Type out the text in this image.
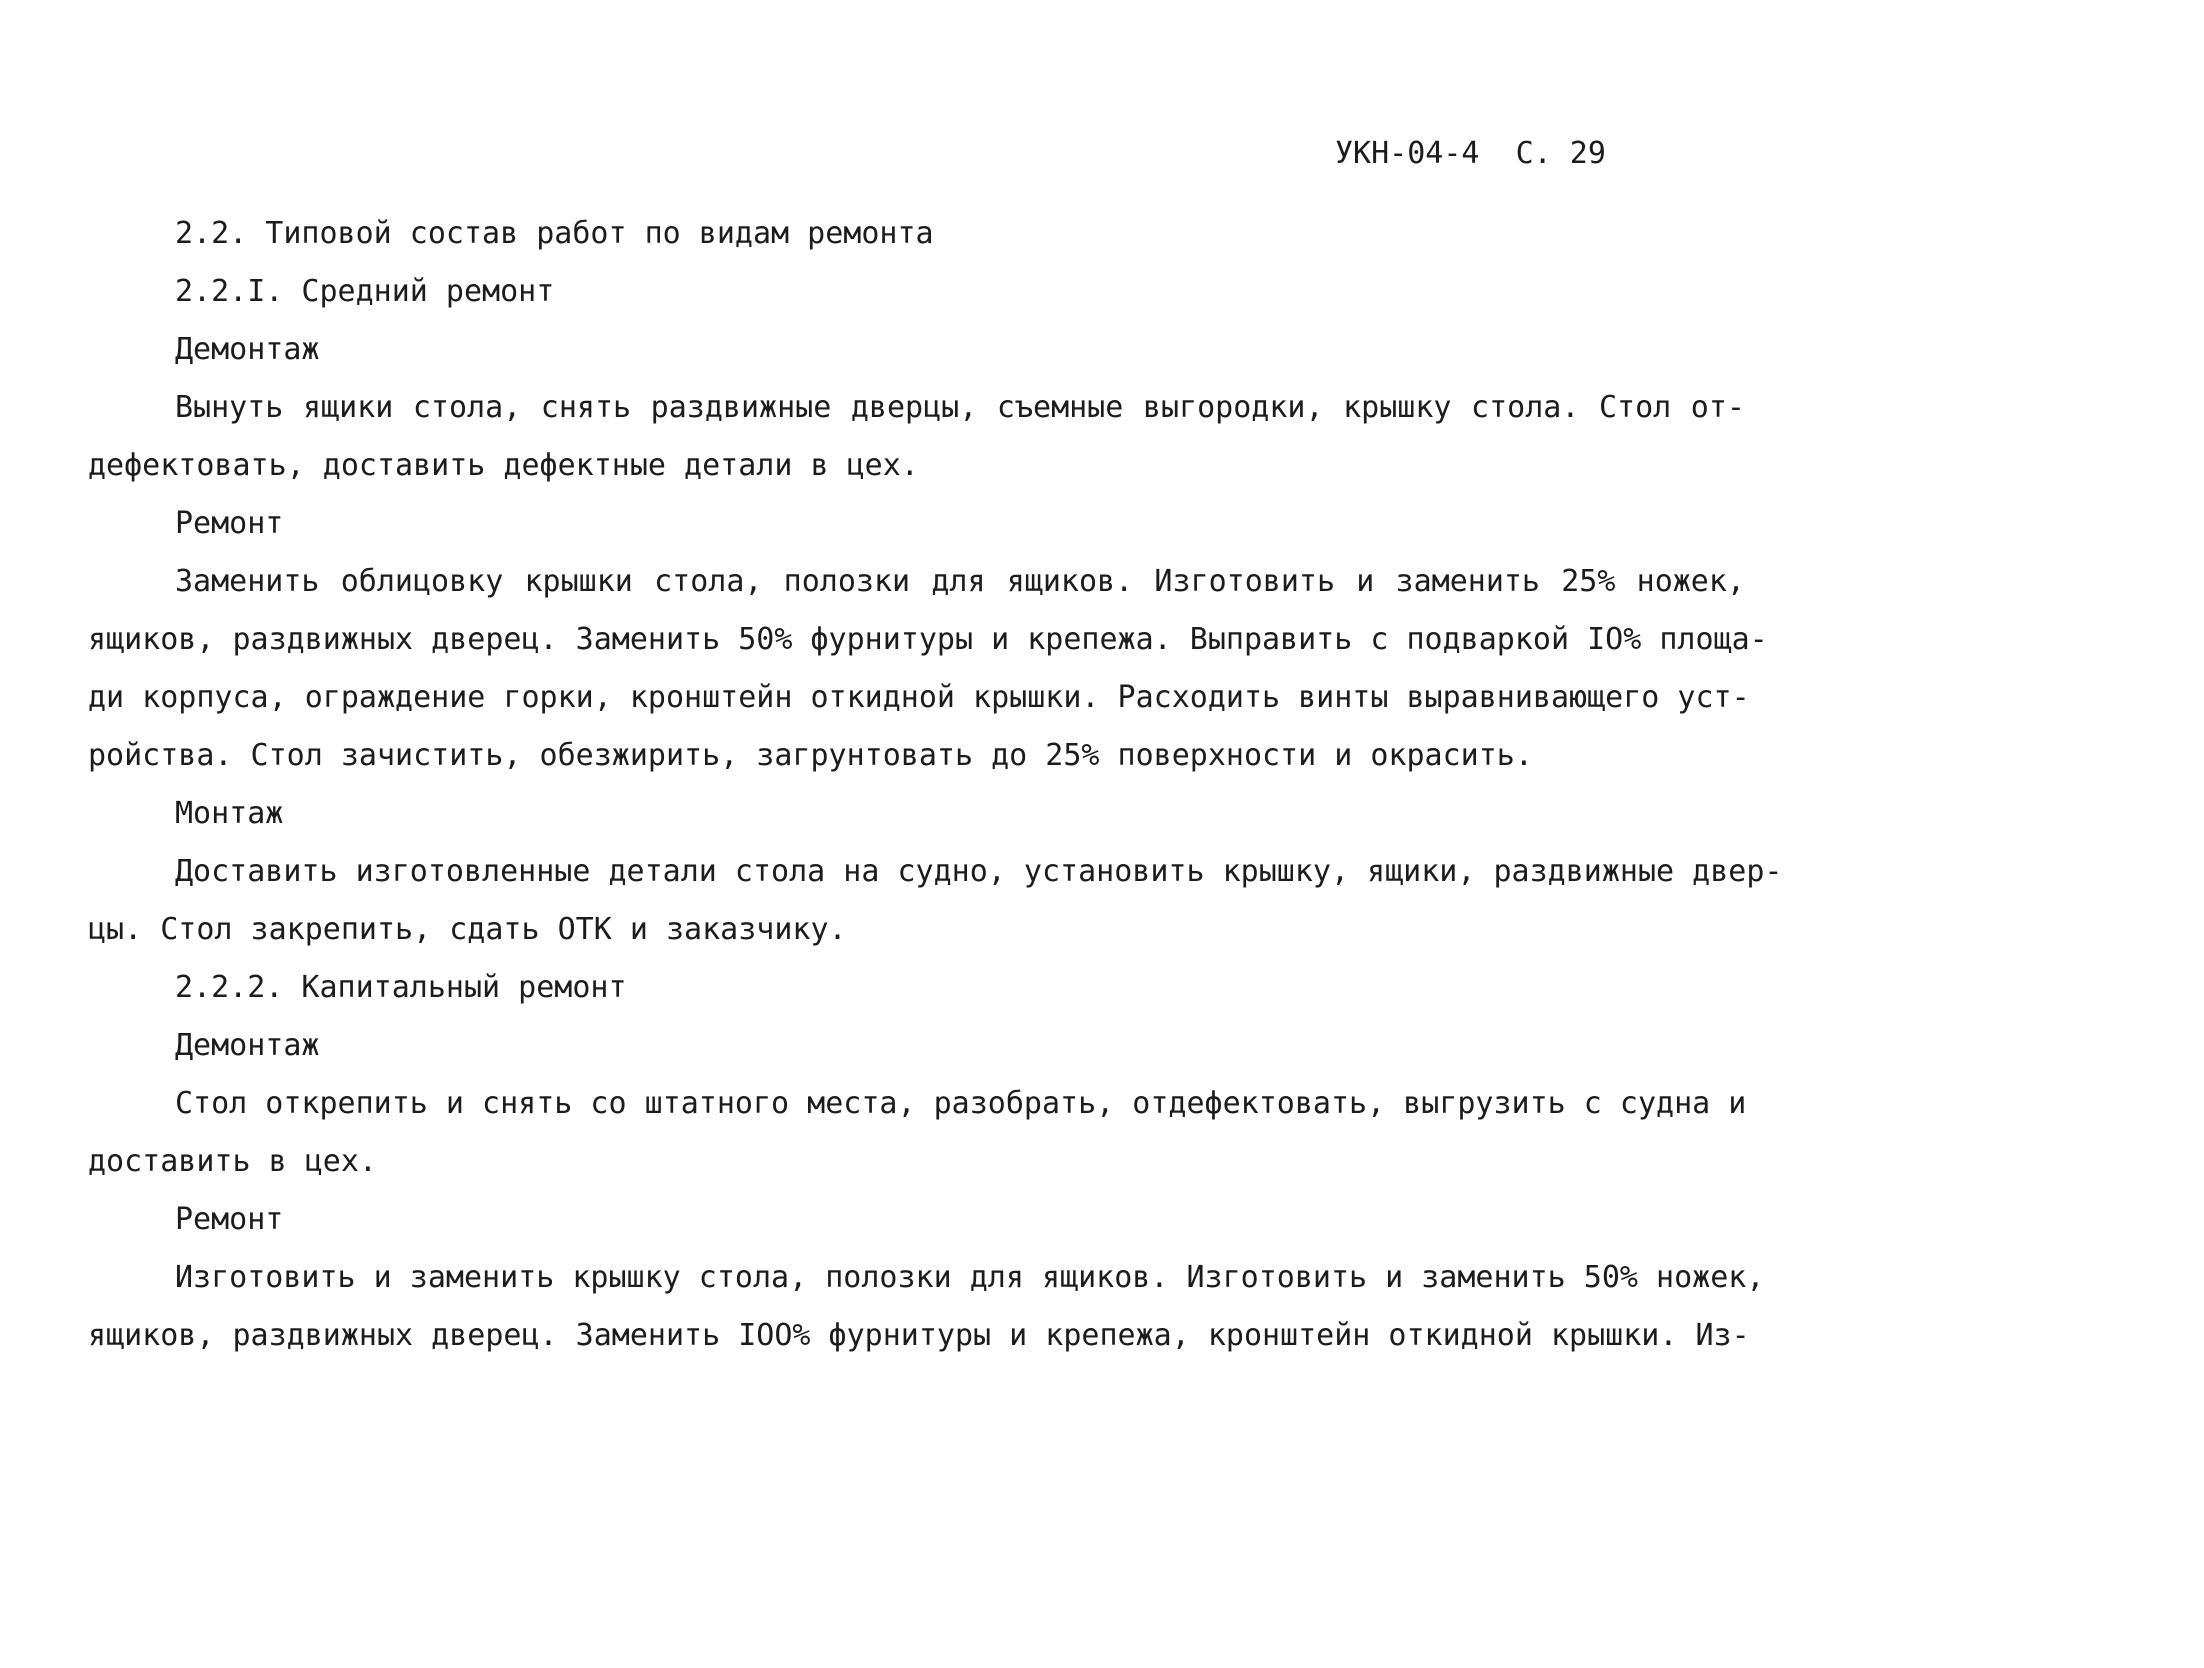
УКН-04-4  С. 29
2.2. Типовой состав работ по видам ремонта
2.2.I. Средний ремонт
Демонтаж
Вынуть ящики стола, снять раздвижные дверцы, съемные выгородки, крышку стола. Стол от-
дефектовать, доставить дефектные детали в цех.
Ремонт
Заменить облицовку крышки стола, полозки для ящиков. Изготовить и заменить 25% ножек,
ящиков, раздвижных дверец. Заменить 50% фурнитуры и крепежа. Выправить с подваркой IO% площа-
ди корпуса, ограждение горки, кронштейн откидной крышки. Расходить винты выравнивающего уст-
ройства. Стол зачистить, обезжирить, загрунтовать до 25% поверхности и окрасить.
Монтаж
Доставить изготовленные детали стола на судно, установить крышку, ящики, раздвижные двер-
цы. Стол закрепить, сдать ОТК и заказчику.
2.2.2. Капитальный ремонт
Демонтаж
Стол открепить и снять со штатного места, разобрать, отдефектовать, выгрузить с судна и
доставить в цех.
Ремонт
Изготовить и заменить крышку стола, полозки для ящиков. Изготовить и заменить 50% ножек,
ящиков, раздвижных дверец. Заменить IOO% фурнитуры и крепежа, кронштейн откидной крышки. Из-
